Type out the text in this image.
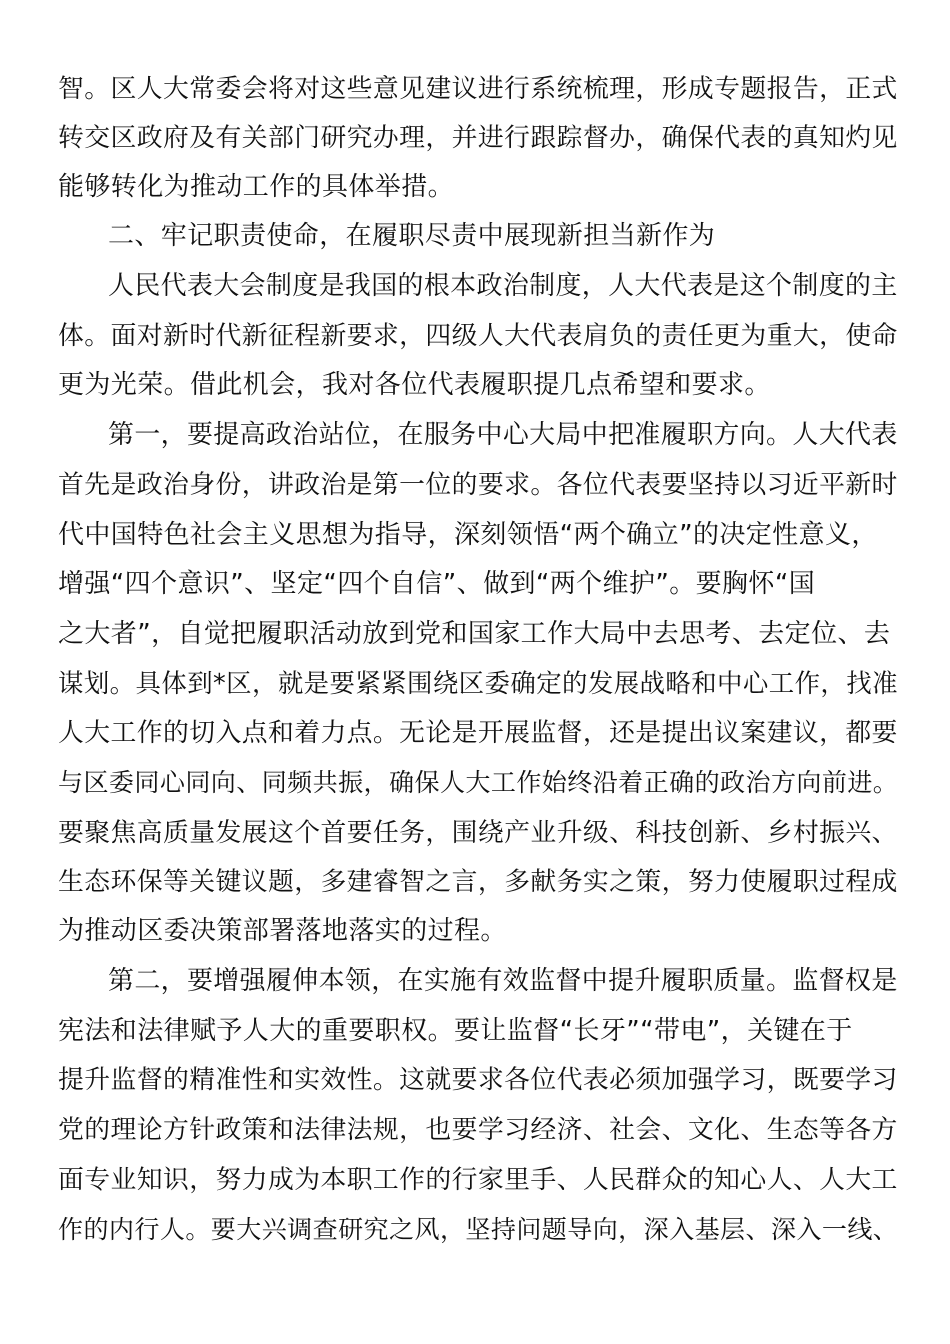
智。区人大常委会将对这些意见建议进行系统梳理，形成专题报告，正式
转交区政府及有关部门研究办理，并进行跟踪督办，确保代表的真知灼见
能够转化为推动工作的具体举措。
二、牢记职责使命，在履职尽责中展现新担当新作为
人民代表大会制度是我国的根本政治制度，人大代表是这个制度的主
体。面对新时代新征程新要求，四级人大代表肩负的责任更为重大，使命
更为光荣。借此机会，我对各位代表履职提几点希望和要求。
第一，要提高政治站位，在服务中心大局中把准履职方向。人大代表
首先是政治身份，讲政治是第一位的要求。各位代表要坚持以习近平新时
代中国特色社会主义思想为指导，深刻领悟“两个确立”的决定性意义，
增强“四个意识”、坚定“四个自信”、做到“两个维护”。要胸怀“国
之大者”，自觉把履职活动放到党和国家工作大局中去思考、去定位、去
谋划。具体到*区，就是要紧紧围绕区委确定的发展战略和中心工作，找准
人大工作的切入点和着力点。无论是开展监督，还是提出议案建议，都要
与区委同心同向、同频共振，确保人大工作始终沿着正确的政治方向前进。
要聚焦高质量发展这个首要任务，围绕产业升级、科技创新、乡村振兴、
生态环保等关键议题，多建睿智之言，多献务实之策，努力使履职过程成
为推动区委决策部署落地落实的过程。
第二，要增强履伸本领，在实施有效监督中提升履职质量。监督权是
宪法和法律赋予人大的重要职权。要让监督“长牙”“带电”，关键在于
提升监督的精准性和实效性。这就要求各位代表必须加强学习，既要学习
党的理论方针政策和法律法规，也要学习经济、社会、文化、生态等各方
面专业知识，努力成为本职工作的行家里手、人民群众的知心人、人大工
作的内行人。要大兴调查研究之风，坚持问题导向，深入基层、深入一线、
